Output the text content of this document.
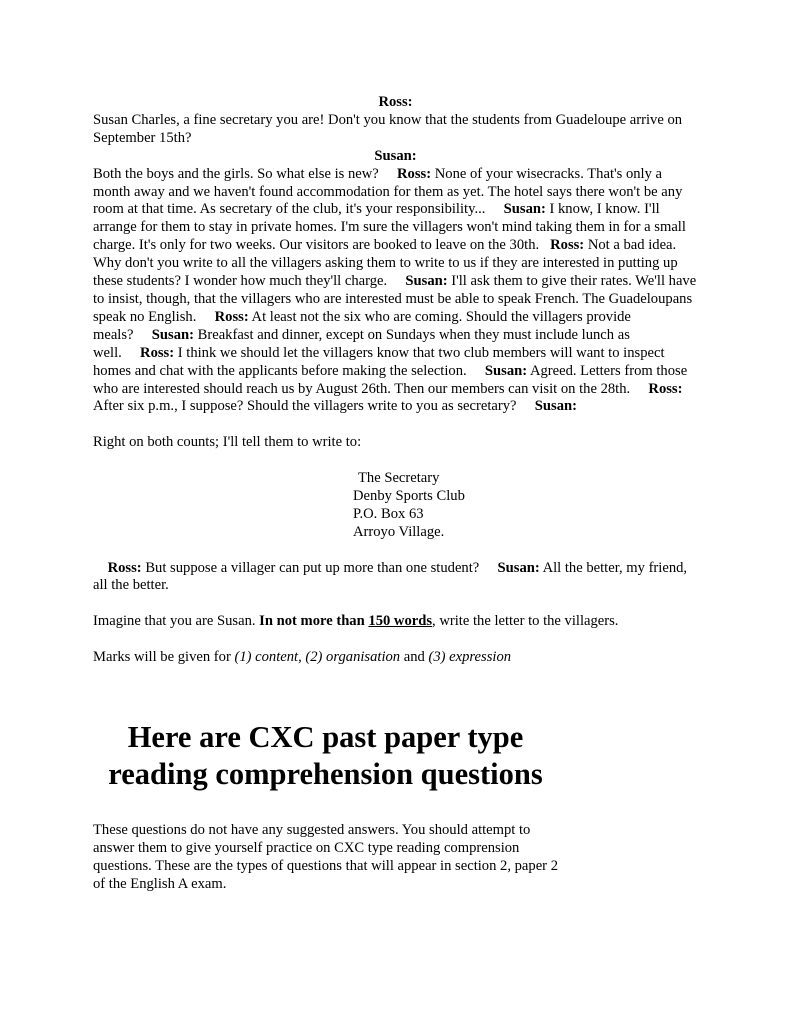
Ross:

Susan Charles, a fine secretary you are! Don't you know that the students from Guadeloupe arrive on September 15th?

Susan:

Both the boys and the girls. So what else is new? Ross: None of your wisecracks. That's only a month away and we haven't found accommodation for them as yet. The hotel says there won't be any room at that time. As secretary of the club, it's your responsibility... Susan: I know, I know. I'll arrange for them to stay in private homes. I'm sure the villagers won't mind taking them in for a small charge. It's only for two weeks. Our visitors are booked to leave on the 30th. Ross: Not a bad idea. Why don't you write to all the villagers asking them to write to us if they are interested in putting up these students? I wonder how much they'll charge. Susan: I'll ask them to give their rates. We'll have to insist, though, that the villagers who are interested must be able to speak French. The Guadeloupans speak no English. Ross: At least not the six who are coming. Should the villagers provide meals? Susan: Breakfast and dinner, except on Sundays when they must include lunch as well. Ross: I think we should let the villagers know that two club members will want to inspect homes and chat with the applicants before making the selection. Susan: Agreed. Letters from those who are interested should reach us by August 26th. Then our members can visit on the 28th. Ross: After six p.m., I suppose? Should the villagers write to you as secretary? Susan:

Right on both counts; I'll tell them to write to:

The Secretary
Denby Sports Club
P.O. Box 63
Arroyo Village.

Ross: But suppose a villager can put up more than one student? Susan: All the better, my friend, all the better.

Imagine that you are Susan. In not more than 150 words, write the letter to the villagers.

Marks will be given for (1) content, (2) organisation and (3) expression

Here are CXC past paper type
reading comprehension questions

These questions do not have any suggested answers. You should attempt to answer them to give yourself practice on CXC type reading comprension questions. These are the types of questions that will appear in section 2, paper 2 of the English A exam.
